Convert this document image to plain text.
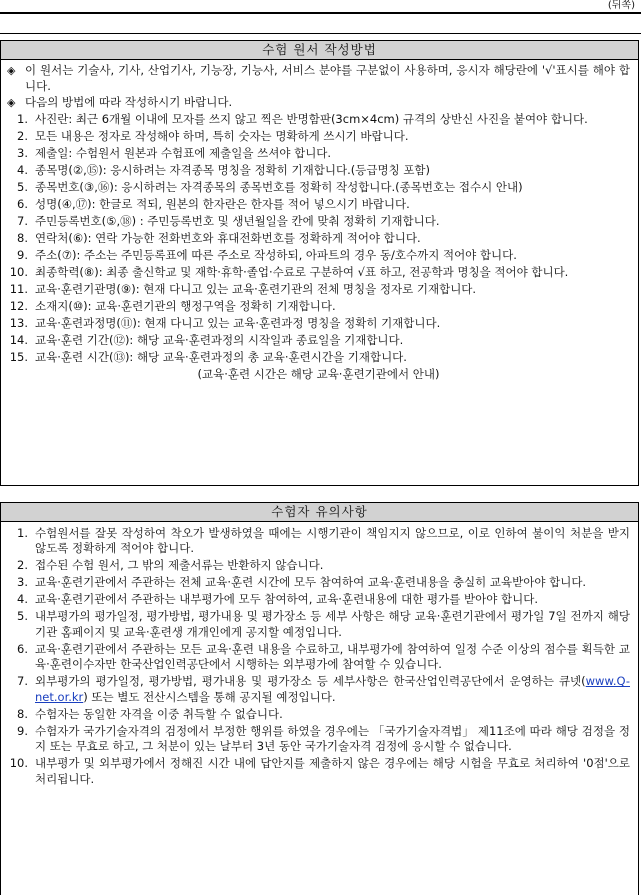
(뒤쪽)
수험 원서 작성방법
◈ 이 원서는 기술사, 기사, 산업기사, 기능장, 기능사, 서비스 분야를 구분없이 사용하며, 응시자 해당란에 '√'표시를 해야 합니다.
◈ 다음의 방법에 따라 작성하시기 바랍니다.
1. 사진란: 최근 6개월 이내에 모자를 쓰지 않고 찍은 반명함판(3cm×4cm) 규격의 상반신 사진을 붙여야 합니다.
2. 모든 내용은 정자로 작성해야 하며, 특히 숫자는 명확하게 쓰시기 바랍니다.
3. 제출일: 수험원서 원본과 수험표에 제출일을 쓰셔야 합니다.
4. 종목명(②,⑮): 응시하려는 자격종목 명칭을 정확히 기재합니다.(등급명칭 포함)
5. 종목번호(③,⑯): 응시하려는 자격종목의 종목번호를 정확히 작성합니다.(종목번호는 접수시 안내)
6. 성명(④,⑰): 한글로 적되, 원본의 한자란은 한자를 적어 넣으시기 바랍니다.
7. 주민등록번호(⑤,⑱) : 주민등록번호 및 생년월일을 칸에 맞춰 정확히 기재합니다.
8. 연락처(⑥): 연락 가능한 전화번호와 휴대전화번호를 정확하게 적어야 합니다.
9. 주소(⑦): 주소는 주민등록표에 따른 주소로 작성하되, 아파트의 경우 동/호수까지 적어야 합니다.
10. 최종학력(⑧): 최종 출신학교 및 재학·휴학·졸업·수료로 구분하여 √표 하고, 전공학과 명칭을 적어야 합니다.
11. 교육·훈련기관명(⑨): 현재 다니고 있는 교육·훈련기관의 전체 명칭을 정자로 기재합니다.
12. 소재지(⑩): 교육·훈련기관의 행정구역을 정확히 기재합니다.
13. 교육·훈련과정명(⑪): 현재 다니고 있는 교육·훈련과정 명칭을 정확히 기재합니다.
14. 교육·훈련 기간(⑫): 해당 교육·훈련과정의 시작일과 종료일을 기재합니다.
15. 교육·훈련 시간(⑬): 해당 교육·훈련과정의 총 교육·훈련시간을 기재합니다.
(교육·훈련 시간은 해당 교육·훈련기관에서 안내)
수험자 유의사항
1. 수험원서를 잘못 작성하여 착오가 발생하였을 때에는 시행기관이 책임지지 않으므로, 이로 인하여 불이익 처분을 받지 않도록 정확하게 적어야 합니다.
2. 접수된 수험 원서, 그 밖의 제출서류는 반환하지 않습니다.
3. 교육·훈련기관에서 주관하는 전체 교육·훈련 시간에 모두 참여하여 교육·훈련내용을 충실히 교육받아야 합니다.
4. 교육·훈련기관에서 주관하는 내부평가에 모두 참여하여, 교육·훈련내용에 대한 평가를 받아야 합니다.
5. 내부평가의 평가일정, 평가방법, 평가내용 및 평가장소 등 세부 사항은 해당 교육·훈련기관에서 평가일 7일 전까지 해당 기관 홈페이지 및 교육·훈련생 개개인에게 공지할 예정입니다.
6. 교육·훈련기관에서 주관하는 모든 교육·훈련 내용을 수료하고, 내부평가에 참여하여 일정 수준 이상의 점수를 획득한 교육·훈련이수자만 한국산업인력공단에서 시행하는 외부평가에 참여할 수 있습니다.
7. 외부평가의 평가일정, 평가방법, 평가내용 및 평가장소 등 세부사항은 한국산업인력공단에서 운영하는 큐넷(www.Q-net.or.kr) 또는 별도 전산시스템을 통해 공지될 예정입니다.
8. 수험자는 동일한 자격을 이중 취득할 수 없습니다.
9. 수험자가 국가기술자격의 검정에서 부정한 행위를 하였을 경우에는 「국가기술자격법」 제11조에 따라 해당 검정을 정지 또는 무효로 하고, 그 처분이 있는 날부터 3년 동안 국가기술자격 검정에 응시할 수 없습니다.
10. 내부평가 및 외부평가에서 정해진 시간 내에 답안지를 제출하지 않은 경우에는 해당 시험을 무효로 처리하여 '0점'으로 처리됩니다.
